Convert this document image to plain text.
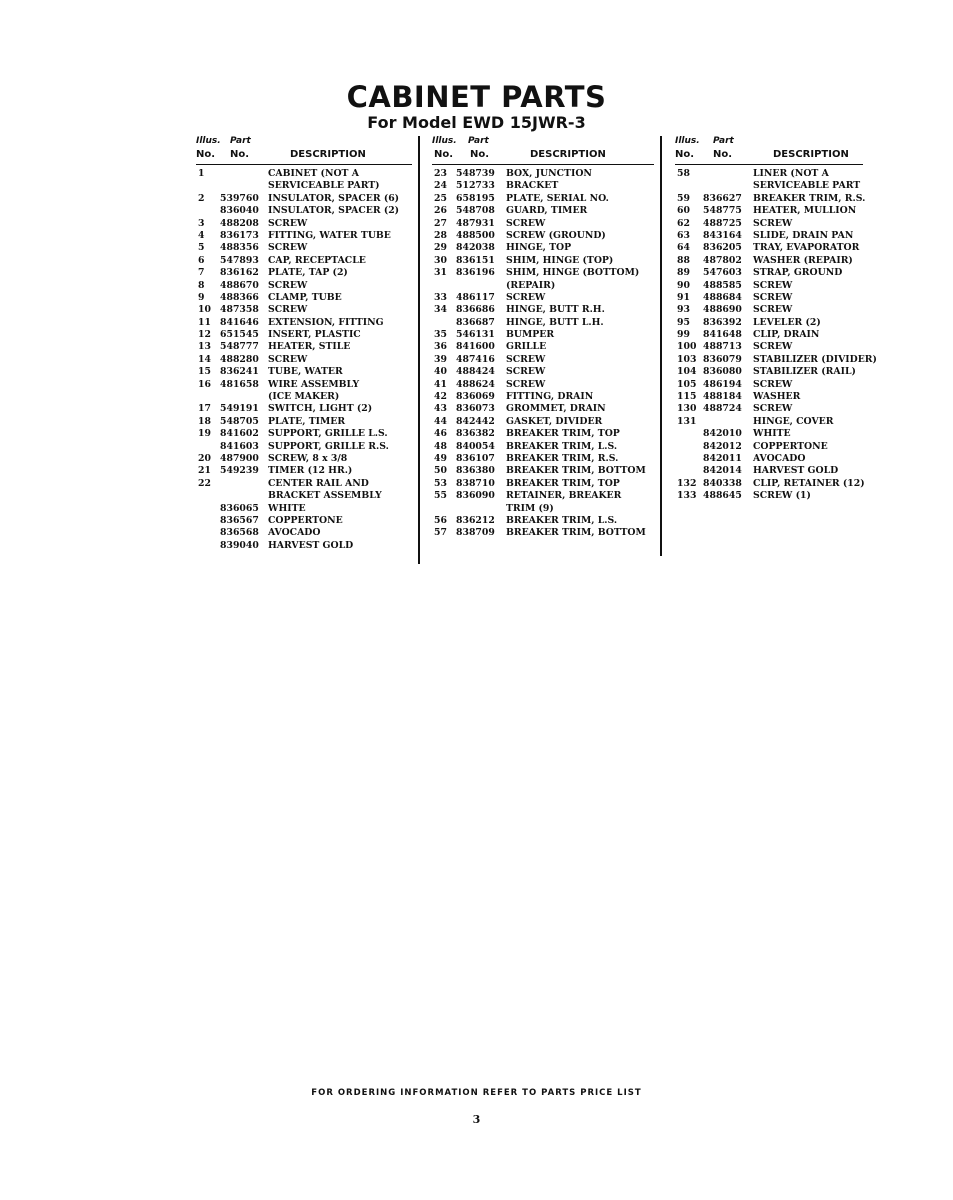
CABINET PARTS
For Model EWD 15JWR-3
Illus. Part
No. No.	DESCRIPTION
1	CABINET (NOT A
SERVICEABLE PART)
2 539760 INSULATOR, SPACER (6)
836040 INSULATOR, SPACER (2)
3 488208 SCREW
4 836173 FITTING, WATER TUBE
5 488356 SCREW
6 547893 CAP, RECEPTACLE
7 836162 PLATE, TAP (2)
8 488670 SCREW
9 488366 CLAMP, TUBE
10 487358 SCREW
11 841646 EXTENSION, FITTING
12 651545 INSERT, PLASTIC
13 548777 HEATER, STILE
14 488280 SCREW
15 836241 TUBE, WATER
16 481658 WIRE ASSEMBLY
(ICE MAKER)
17 549191 SWITCH, LIGHT (2)
18 548705 PLATE, TIMER
19 841602 SUPPORT, GRILLE L.S.
841603 SUPPORT, GRILLE R.S.
20 487900 SCREW, 8 x 3/8
21 549239 TIMER (12 HR.)
22	CENTER RAIL AND
BRACKET ASSEMBLY
836065 WHITE
836567 COPPERTONE
836568 AVOCADO
839040 HARVEST GOLD
Illus. Part
No. No.	DESCRIPTION
23 548739 BOX, JUNCTION
24 512733 BRACKET
25 658195 PLATE, SERIAL NO.
26 548708 GUARD, TIMER
27 487931 SCREW
28 488500 SCREW (GROUND)
29 842038 HINGE, TOP
30 836151 SHIM, HINGE (TOP)
31 836196 SHIM, HINGE (BOTTOM)
(REPAIR)
33 486117 SCREW
34 836686 HINGE, BUTT R.H.
836687 HINGE, BUTT L.H.
35 546131 BUMPER
36 841600 GRILLE
39 487416 SCREW
40 488424 SCREW
41 488624 SCREW
42 836069 FITTING, DRAIN
43 836073 GROMMET, DRAIN
44 842442 GASKET, DIVIDER
46 836382 BREAKER TRIM, TOP
48 840054 BREAKER TRIM, L.S.
49 836107 BREAKER TRIM, R.S.
50 836380 BREAKER TRIM, BOTTOM
53 838710 BREAKER TRIM, TOP
55 836090 RETAINER, BREAKER
TRIM (9)
56 836212 BREAKER TRIM, L.S.
57 838709 BREAKER TRIM, BOTTOM
Illus. Part
No. No.	DESCRIPTION
58	LINER (NOT A
SERVICEABLE PART
59 836627 BREAKER TRIM, R.S.
60 548775 HEATER, MULLION
62 488725 SCREW
63 843164 SLIDE, DRAIN PAN
64 836205 TRAY, EVAPORATOR
88 487802 WASHER (REPAIR)
89 547603 STRAP, GROUND
90 488585 SCREW
91 488684 SCREW
93 488690 SCREW
95 836392 LEVELER (2)
99 841648 CLIP, DRAIN
100 488713 SCREW
103 836079 STABILIZER (DIVIDER)
104 836080 STABILIZER (RAIL)
105 486194 SCREW
115 488184 WASHER
130 488724 SCREW
131	HINGE, COVER
842010 WHITE
842012 COPPERTONE
842011 AVOCADO
842014 HARVEST GOLD
132 840338 CLIP, RETAINER (12)
133 488645 SCREW (1)
FOR ORDERING INFORMATION REFER TO PARTS PRICE LIST
3
